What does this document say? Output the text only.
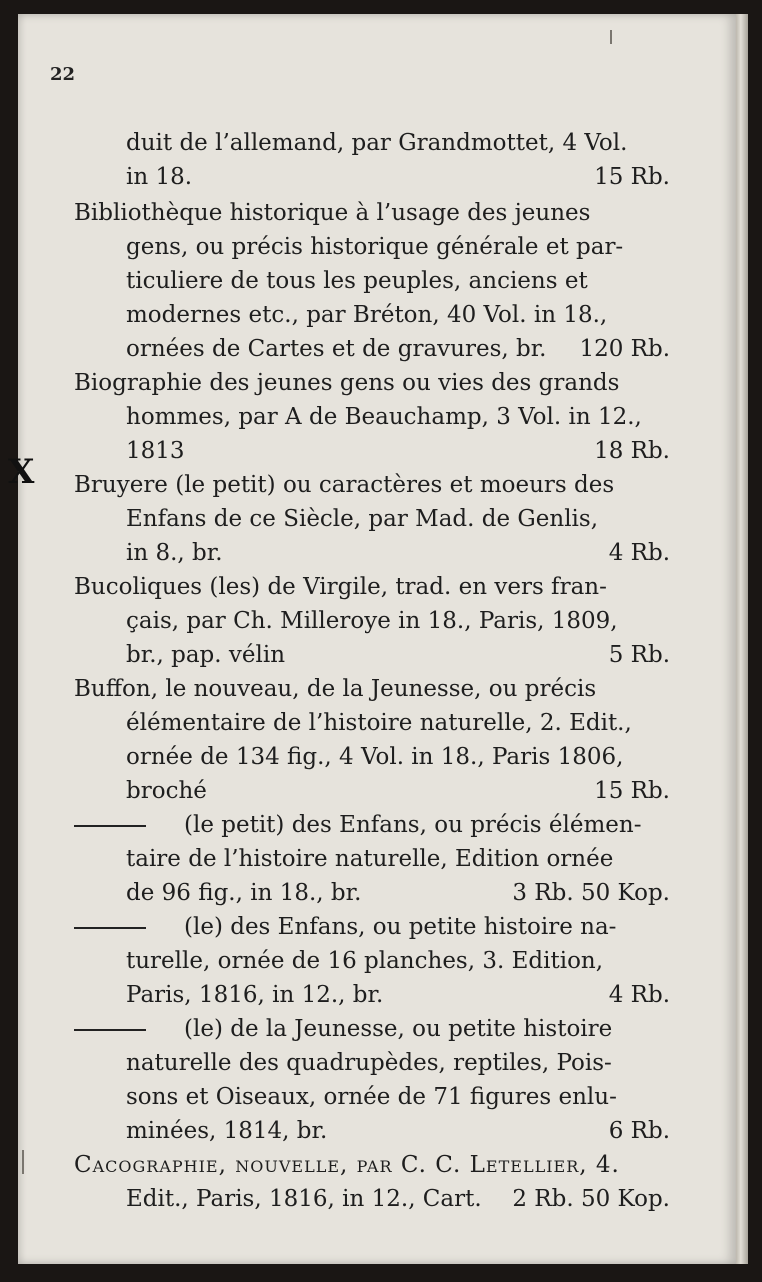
22
X
duit de l’allemand, par Grandmottet, 4 Vol.
in 18.	15 Rb.
Bibliothèque historique à l’usage des jeunes
gens, ou précis historique générale et par-
ticuliere de tous les peuples, anciens et
modernes etc., par Bréton, 40 Vol. in 18.,
ornées de Cartes et de gravures, br. 120 Rb.
Biographie des jeunes gens ou vies des grands
hommes, par A de Beauchamp, 3 Vol. in 12.,
1813	18 Rb.
Bruyere (le petit) ou caractères et moeurs des
Enfans de ce Siècle, par Mad. de Genlis,
in 8., br.	4 Rb.
Bucoliques (les) de Virgile, trad. en vers fran-
çais, par Ch. Milleroye in 18., Paris, 1809,
br., pap. vélin	5 Rb.
Buffon, le nouveau, de la Jeunesse, ou précis
élémentaire de l’histoire naturelle, 2. Edit.,
ornée de 134 fig., 4 Vol. in 18., Paris 1806,
broché	15 Rb.
(le petit) des Enfans, ou précis élémen-
taire de l’histoire naturelle, Edition ornée
de 96 fig., in 18., br.	3 Rb. 50 Kop.
(le) des Enfans, ou petite histoire na-
turelle, ornée de 16 planches, 3. Edition,
Paris, 1816, in 12., br.	4 Rb.
(le) de la Jeunesse, ou petite histoire
naturelle des quadrupèdes, reptiles, Pois-
sons et Oiseaux, ornée de 71 figures enlu-
minées, 1814, br.	6 Rb.
Cacographie, nouvelle, par C. C. Letellier, 4.
Edit., Paris, 1816, in 12., Cart. 2 Rb. 50 Kop.
